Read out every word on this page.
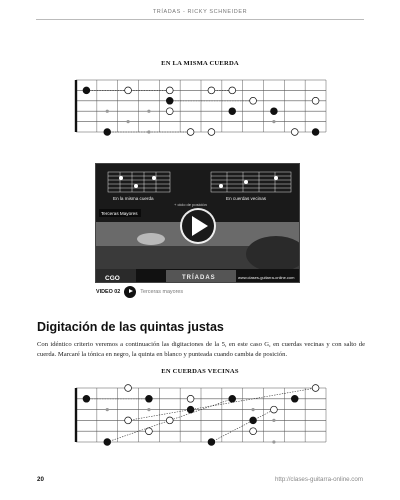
TRÍADAS - RICKY SCHNEIDER
EN LA MISMA CUERDA
En la misma cuerda	En cuerdas vecinas
+ ciclo de posición
Terceras Mayores
CGO	TRÍADAS	www.clases-guitarra-online.com
VIDEO 02	Terceras mayores
Digitación de las quintas justas
Con idéntico criterio veremos a continuación las digitaciones de la 5, en este caso G, en cuerdas vecinas y con salto de cuerda. Marcaré la tónica en negro, la quinta en blanco y punteada cuando cambia de posición.
EN CUERDAS VECINAS
20	http://clases-guitarra-online.com
